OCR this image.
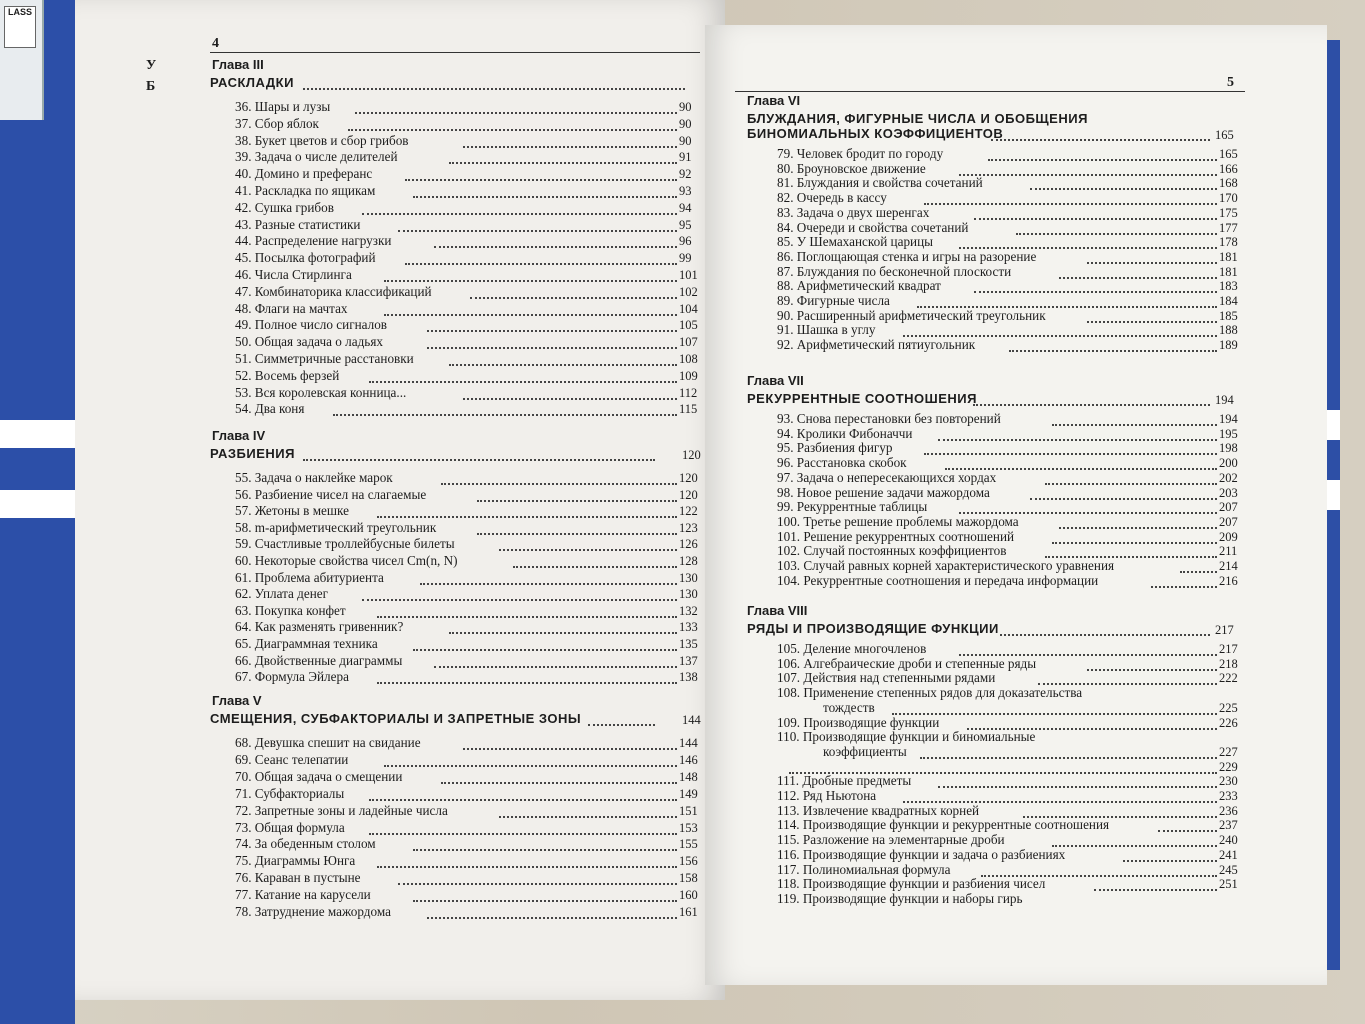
LASS
У
Б
4
Глава III
РАСКЛАДКИ
36. Шары и лузы	90
37. Сбор яблок	90
38. Букет цветов и сбор грибов	90
39. Задача о числе делителей	91
40. Домино и преферанс	92
41. Раскладка по ящикам	93
42. Сушка грибов	94
43. Разные статистики	95
44. Распределение нагрузки	96
45. Посылка фотографий	99
46. Числа Стирлинга	101
47. Комбинаторика классификаций	102
48. Флаги на мачтах	104
49. Полное число сигналов	105
50. Общая задача о ладьях	107
51. Симметричные расстановки	108
52. Восемь ферзей	109
53. Вся королевская конница...	112
54. Два коня	115
Глава IV
РАЗБИЕНИЯ	120
55. Задача о наклейке марок	120
56. Разбиение чисел на слагаемые	120
57. Жетоны в мешке	122
58. m-арифметический треугольник	123
59. Счастливые троллейбусные билеты	126
60. Некоторые свойства чисел Cm(n, N)	128
61. Проблема абитуриента	130
62. Уплата денег	130
63. Покупка конфет	132
64. Как разменять гривенник?	133
65. Диаграммная техника	135
66. Двойственные диаграммы	137
67. Формула Эйлера	138
Глава V
СМЕЩЕНИЯ, СУБФАКТОРИАЛЫ И ЗАПРЕТНЫЕ ЗОНЫ	144
68. Девушка спешит на свидание	144
69. Сеанс телепатии	146
70. Общая задача о смещении	148
71. Субфакториалы	149
72. Запретные зоны и ладейные числа	151
73. Общая формула	153
74. За обеденным столом	155
75. Диаграммы Юнга	156
76. Караван в пустыне	158
77. Катание на карусели	160
78. Затруднение мажордома	161
5
Глава VI
БЛУЖДАНИЯ, ФИГУРНЫЕ ЧИСЛА И ОБОБЩЕНИЯ
БИНОМИАЛЬНЫХ КОЭФФИЦИЕНТОВ	165
79. Человек бродит по городу	165
80. Броуновское движение	166
81. Блуждания и свойства сочетаний	168
82. Очередь в кассу	170
83. Задача о двух шеренгах	175
84. Очереди и свойства сочетаний	177
85. У Шемаханской царицы	178
86. Поглощающая стенка и игры на разорение	181
87. Блуждания по бесконечной плоскости	181
88. Арифметический квадрат	183
89. Фигурные числа	184
90. Расширенный арифметический треугольник	185
91. Шашка в углу	188
92. Арифметический пятиугольник	189
Глава VII
РЕКУРРЕНТНЫЕ СООТНОШЕНИЯ	194
93. Снова перестановки без повторений	194
94. Кролики Фибоначчи	195
95. Разбиения фигур	198
96. Расстановка скобок	200
97. Задача о непересекающихся хордах	202
98. Новое решение задачи мажордома	203
99. Рекуррентные таблицы	207
100. Третье решение проблемы мажордома	207
101. Решение рекуррентных соотношений	209
102. Случай постоянных коэффициентов	211
103. Случай равных корней характеристического уравнения	214
104. Рекуррентные соотношения и передача информации	216
Глава VIII
РЯДЫ И ПРОИЗВОДЯЩИЕ ФУНКЦИИ	217
105. Деление многочленов	217
106. Алгебраические дроби и степенные ряды	218
107. Действия над степенными рядами	222
108. Применение степенных рядов для доказательства
тождеств	225
109. Производящие функции	226
110. Производящие функции и биномиальные
коэффициенты	227
229
111. Дробные предметы	230
112. Ряд Ньютона	233
113. Извлечение квадратных корней	236
114. Производящие функции и рекуррентные соотношения	237
115. Разложение на элементарные дроби	240
116. Производящие функции и задача о разбиениях	241
117. Полиномиальная формула	245
118. Производящие функции и разбиения чисел	251
119. Производящие функции и наборы гирь
